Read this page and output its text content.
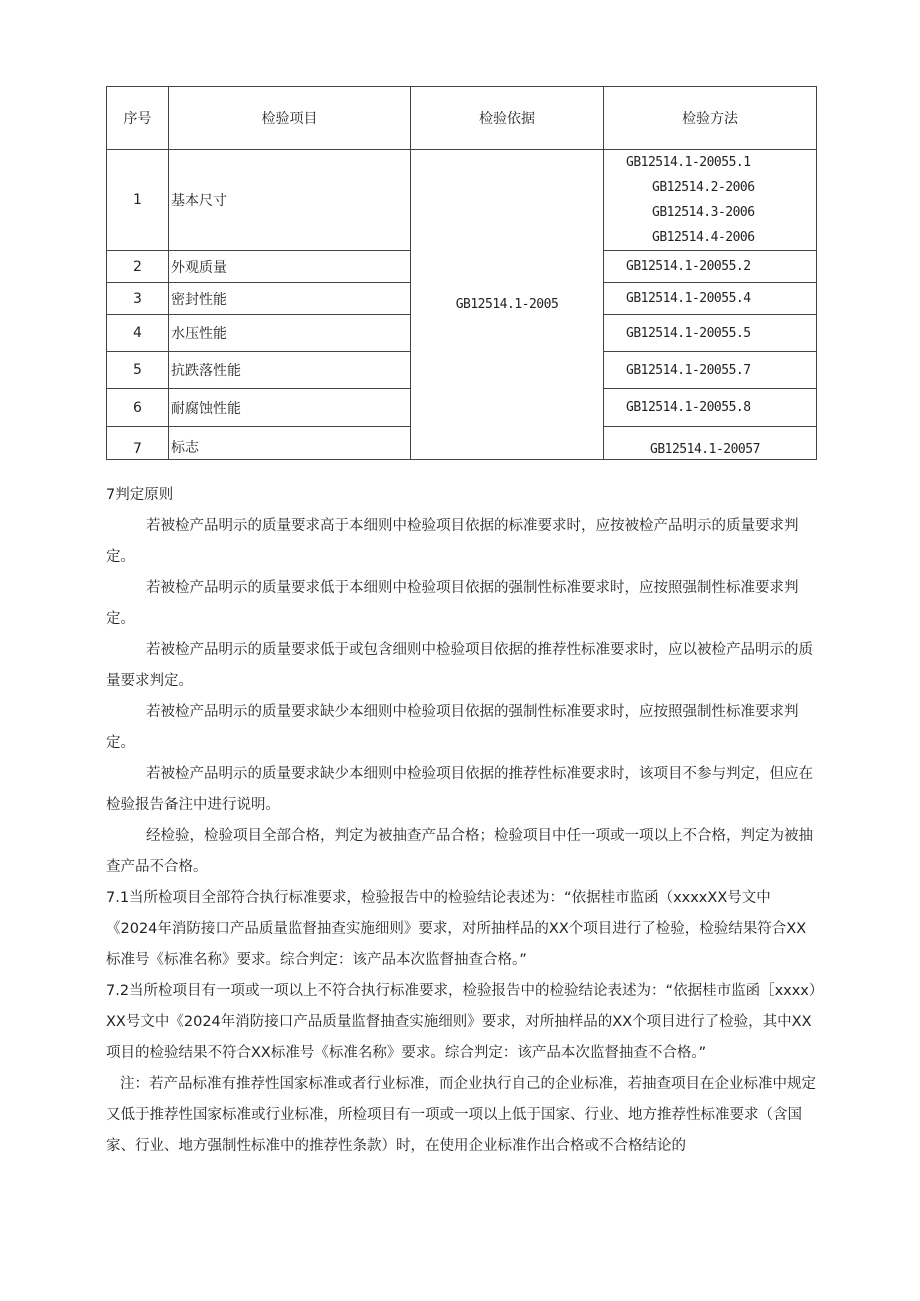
序号	检验项目	检验依据	检验方法
1	基本尺寸	GB12514.1-2005	GB12514.1-20055.1
GB12514.2-2006
GB12514.3-2006
GB12514.4-2006

2	外观质量		GB12514.1-20055.2
3	密封性能		GB12514.1-20055.4
4	水压性能		GB12514.1-20055.5
5	抗跌落性能		GB12514.1-20055.7
6	耐腐蚀性能		GB12514.1-20055.8
7	标志		GB12514.1-20057

7判定原则

若被检产品明示的质量要求高于本细则中检验项目依据的标准要求时，应按被检产品明示的质量要求判定。

若被检产品明示的质量要求低于本细则中检验项目依据的强制性标准要求时，应按照强制性标准要求判定。

若被检产品明示的质量要求低于或包含细则中检验项目依据的推荐性标准要求时，应以被检产品明示的质量要求判定。

若被检产品明示的质量要求缺少本细则中检验项目依据的强制性标准要求时，应按照强制性标准要求判定。

若被检产品明示的质量要求缺少本细则中检验项目依据的推荐性标准要求时，该项目不参与判定，但应在检验报告备注中进行说明。

经检验，检验项目全部合格，判定为被抽查产品合格；检验项目中任一项或一项以上不合格，判定为被抽查产品不合格。

7.1当所检项目全部符合执行标准要求，检验报告中的检验结论表述为：“依据桂市监函（xxxxXX号文中《2024年消防接口产品质量监督抽查实施细则》要求，对所抽样品的XX个项目进行了检验，检验结果符合XX标准号《标准名称》要求。综合判定：该产品本次监督抽查合格。”

7.2当所检项目有一项或一项以上不符合执行标准要求，检验报告中的检验结论表述为：“依据桂市监函［xxxx）XX号文中《2024年消防接口产品质量监督抽查实施细则》要求，对所抽样品的XX个项目进行了检验，其中XX项目的检验结果不符合XX标准号《标准名称》要求。综合判定：该产品本次监督抽查不合格。”

注：若产品标准有推荐性国家标准或者行业标准，而企业执行自己的企业标准，若抽查项目在企业标准中规定又低于推荐性国家标准或行业标准，所检项目有一项或一项以上低于国家、行业、地方推荐性标准要求（含国家、行业、地方强制性标准中的推荐性条款）时，在使用企业标准作出合格或不合格结论的
